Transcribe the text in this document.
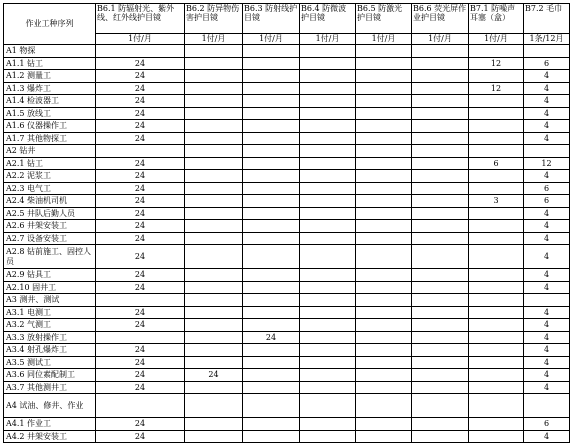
作业工种序列	B6.1 防辐射光、紫外线、红外线护目镜	B6.2 防异物伤害护目镜	B6.3 防射线护目镜	B6.4 防微波护目镜	B6.5 防激光护目镜	B6.6 荧光屏作业护目镜	B7.1 防噪声耳塞（盒）	B7.2 毛巾
	1付/月	1付/月	1付/月	1付/月	1付/月	1付/月	1付/月	1条/12月
A1 物探								
A1.1 钻工	24						12	6
A1.2 测量工	24							4
A1.3 爆炸工	24						12	4
A1.4 检波器工	24							4
A1.5 放线工	24							4
A1.6 仪器操作工	24							4
A1.7 其他物探工	24							4
A2 钻井								
A2.1 钻工	24						6	12
A2.2 泥浆工	24							4
A2.3 电气工	24							6
A2.4 柴油机司机	24						3	6
A2.5 井队后勤人员	24							4
A2.6 井架安装工	24							4
A2.7 设备安装工	24							4
A2.8 钻前施工、固控人员	24							4
A2.9 钻具工	24							4
A2.10 固井工	24							4
A3 测井、测试								
A3.1 电测工	24							4
A3.2 气测工	24							4
A3.3 放射操作工			24					4
A3.4 射孔爆炸工	24							4
A3.5 测试工	24							4
A3.6 同位素配制工	24	24						4
A3.7 其他测井工	24							4
A4 试油、修井、作业								
A4.1 作业工	24							6
A4.2 井架安装工	24							4
